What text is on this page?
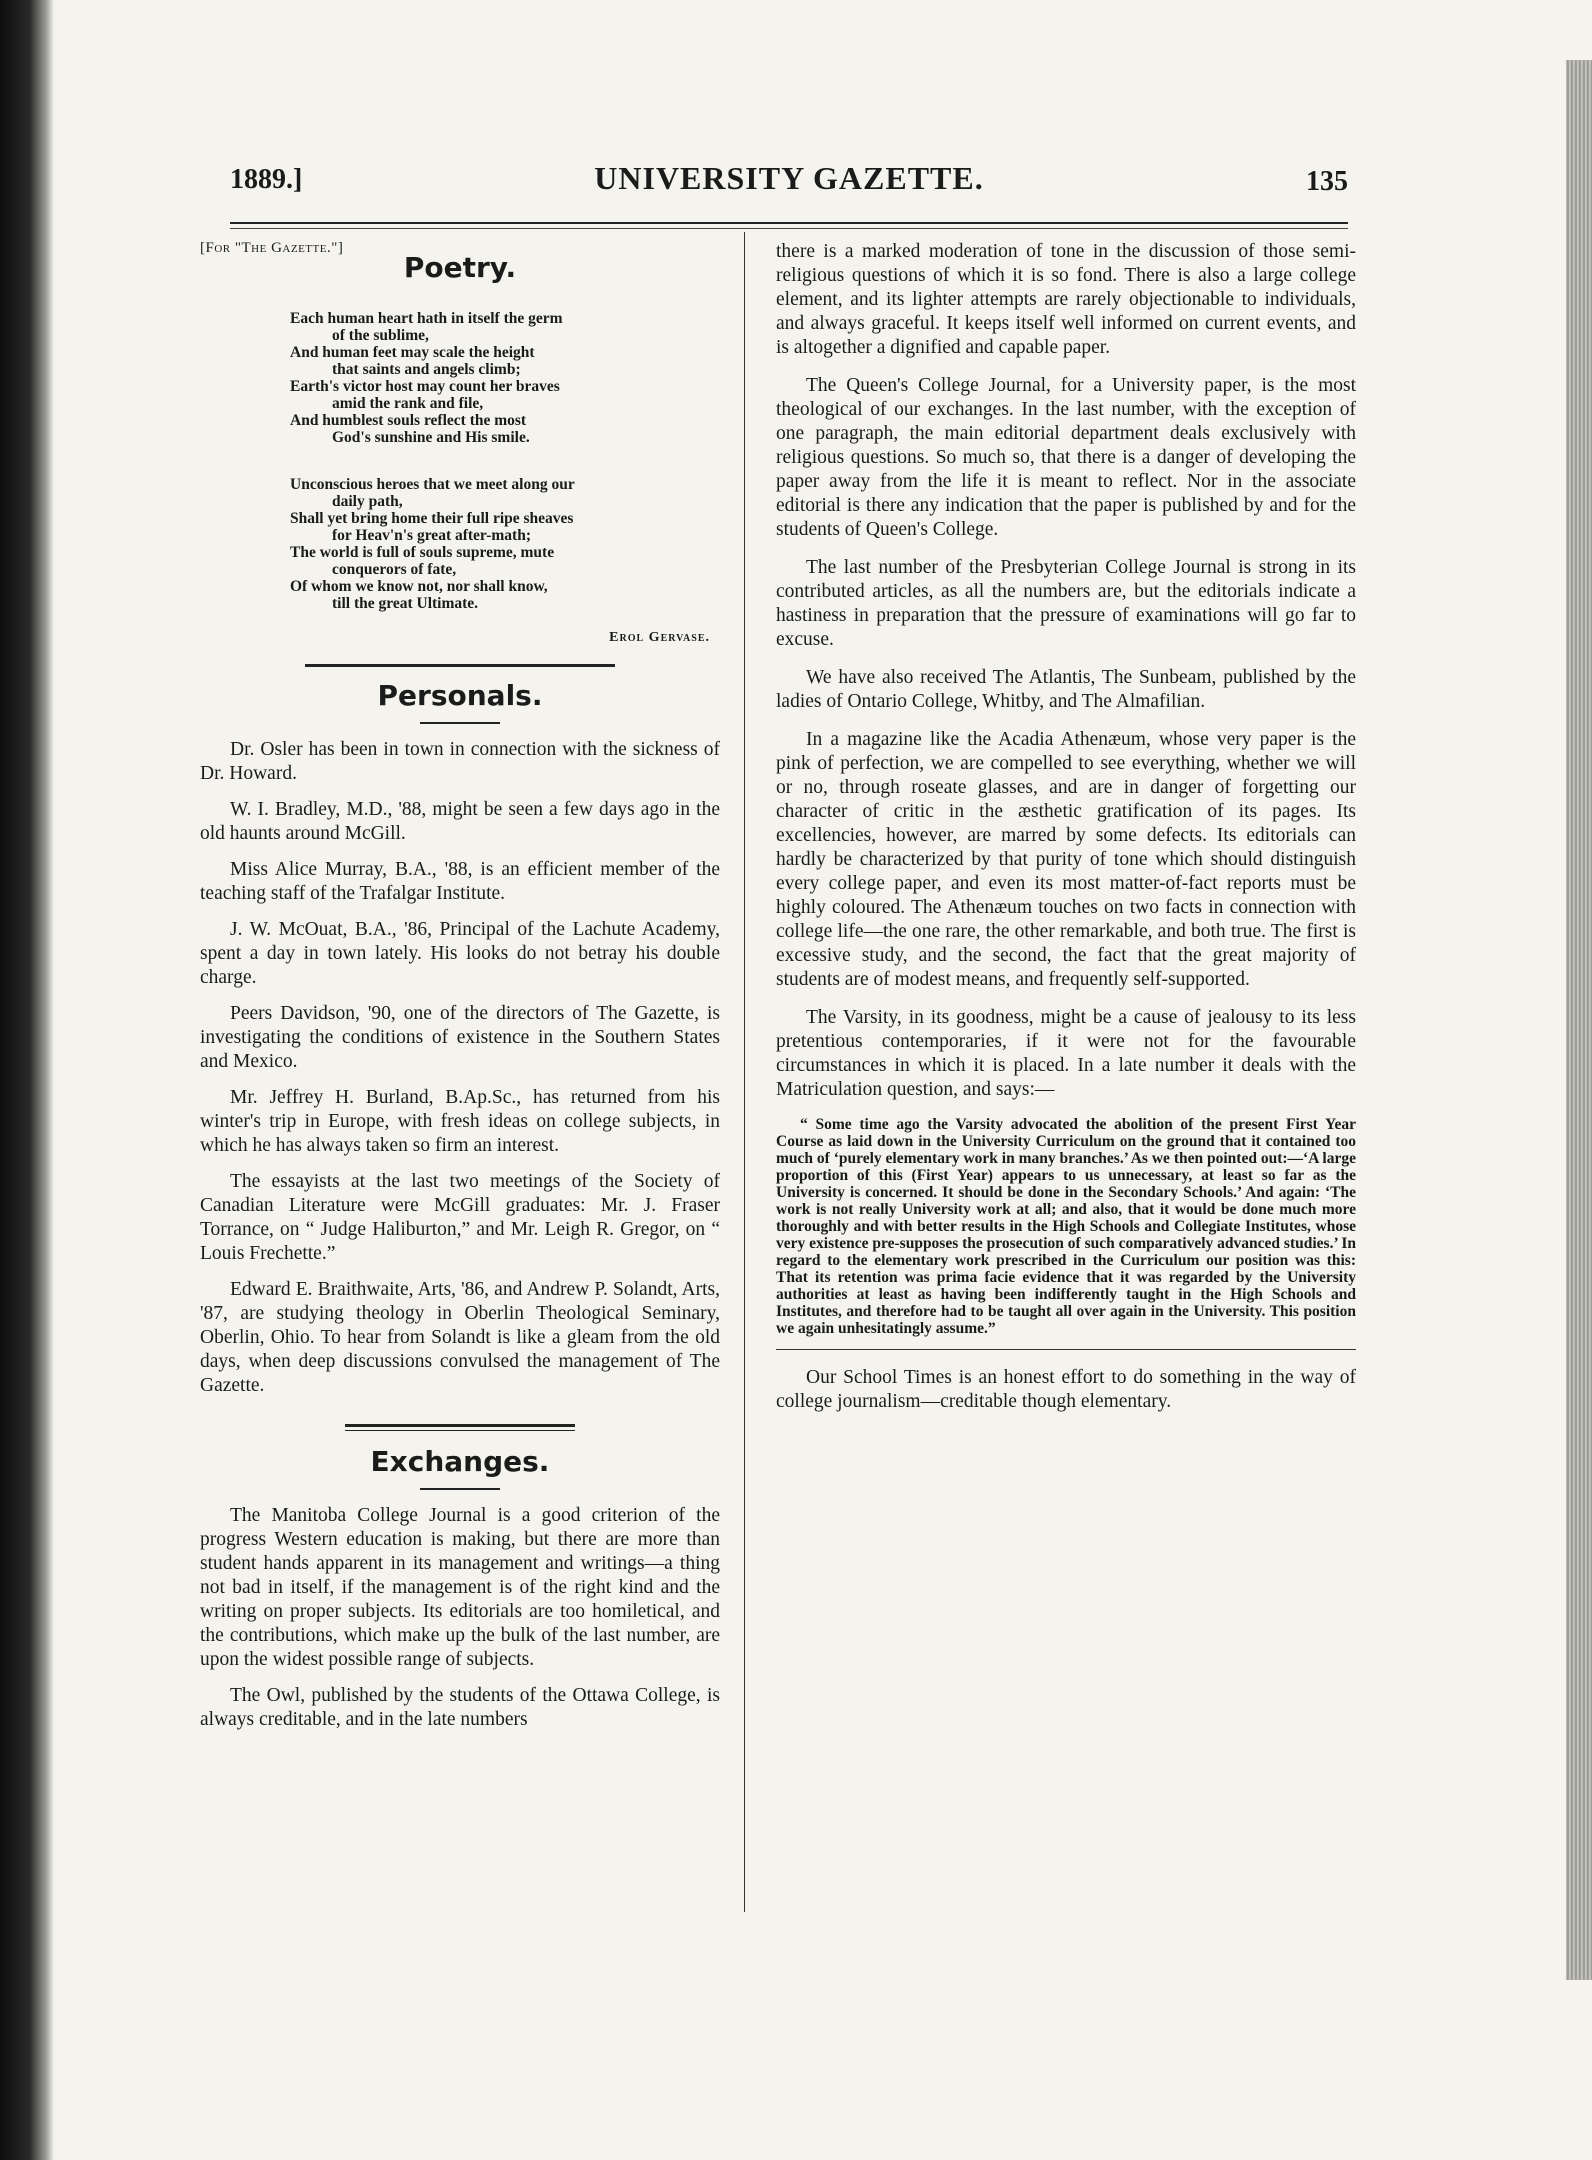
1889.]	UNIVERSITY GAZETTE.	135

[For "The Gazette."]

Poetry.

Each human heart hath in itself the germ

of the sublime,

And human feet may scale the height

that saints and angels climb;

Earth's victor host may count her braves

amid the rank and file,

And humblest souls reflect the most

God's sunshine and His smile.

Unconscious heroes that we meet along our

daily path,

Shall yet bring home their full ripe sheaves

for Heav'n's great after-math;

The world is full of souls supreme, mute

conquerors of fate,

Of whom we know not, nor shall know,

till the great Ultimate.

Erol Gervase.

Personals.

Dr. Osler has been in town in connection with the sickness of Dr. Howard.

W. I. Bradley, M.D., '88, might be seen a few days ago in the old haunts around McGill.

Miss Alice Murray, B.A., '88, is an efficient member of the teaching staff of the Trafalgar Institute.

J. W. McOuat, B.A., '86, Principal of the Lachute Academy, spent a day in town lately. His looks do not betray his double charge.

Peers Davidson, '90, one of the directors of The Gazette, is investigating the conditions of existence in the Southern States and Mexico.

Mr. Jeffrey H. Burland, B.Ap.Sc., has returned from his winter's trip in Europe, with fresh ideas on college subjects, in which he has always taken so firm an interest.

The essayists at the last two meetings of the Society of Canadian Literature were McGill graduates: Mr. J. Fraser Torrance, on “ Judge Haliburton,” and Mr. Leigh R. Gregor, on “ Louis Frechette.”

Edward E. Braithwaite, Arts, '86, and Andrew P. Solandt, Arts, '87, are studying theology in Oberlin Theological Seminary, Oberlin, Ohio. To hear from Solandt is like a gleam from the old days, when deep discussions convulsed the management of The Gazette.

Exchanges.

The Manitoba College Journal is a good criterion of the progress Western education is making, but there are more than student hands apparent in its management and writings—a thing not bad in itself, if the management is of the right kind and the writing on proper subjects. Its editorials are too homiletical, and the contributions, which make up the bulk of the last number, are upon the widest possible range of subjects.

The Owl, published by the students of the Ottawa College, is always creditable, and in the late numbers

there is a marked moderation of tone in the discussion of those semi-religious questions of which it is so fond. There is also a large college element, and its lighter attempts are rarely objectionable to individuals, and always graceful. It keeps itself well informed on current events, and is altogether a dignified and capable paper.

The Queen's College Journal, for a University paper, is the most theological of our exchanges. In the last number, with the exception of one paragraph, the main editorial department deals exclusively with religious questions. So much so, that there is a danger of developing the paper away from the life it is meant to reflect. Nor in the associate editorial is there any indication that the paper is published by and for the students of Queen's College.

The last number of the Presbyterian College Journal is strong in its contributed articles, as all the numbers are, but the editorials indicate a hastiness in preparation that the pressure of examinations will go far to excuse.

We have also received The Atlantis, The Sunbeam, published by the ladies of Ontario College, Whitby, and The Almafilian.

In a magazine like the Acadia Athenæum, whose very paper is the pink of perfection, we are compelled to see everything, whether we will or no, through roseate glasses, and are in danger of forgetting our character of critic in the æsthetic gratification of its pages. Its excellencies, however, are marred by some defects. Its editorials can hardly be characterized by that purity of tone which should distinguish every college paper, and even its most matter-of-fact reports must be highly coloured. The Athenæum touches on two facts in connection with college life—the one rare, the other remarkable, and both true. The first is excessive study, and the second, the fact that the great majority of students are of modest means, and frequently self-supported.

The Varsity, in its goodness, might be a cause of jealousy to its less pretentious contemporaries, if it were not for the favourable circumstances in which it is placed. In a late number it deals with the Matriculation question, and says:—

“ Some time ago the Varsity advocated the abolition of the present First Year Course as laid down in the University Curriculum on the ground that it contained too much of ‘purely elementary work in many branches.’ As we then pointed out:—‘A large proportion of this (First Year) appears to us unnecessary, at least so far as the University is concerned. It should be done in the Secondary Schools.’ And again: ‘The work is not really University work at all; and also, that it would be done much more thoroughly and with better results in the High Schools and Collegiate Institutes, whose very existence pre-supposes the prosecution of such comparatively advanced studies.’ In regard to the elementary work prescribed in the Curriculum our position was this: That its retention was prima facie evidence that it was regarded by the University authorities at least as having been indifferently taught in the High Schools and Institutes, and therefore had to be taught all over again in the University. This position we again unhesitatingly assume.”

Our School Times is an honest effort to do something in the way of college journalism—creditable though elementary.
